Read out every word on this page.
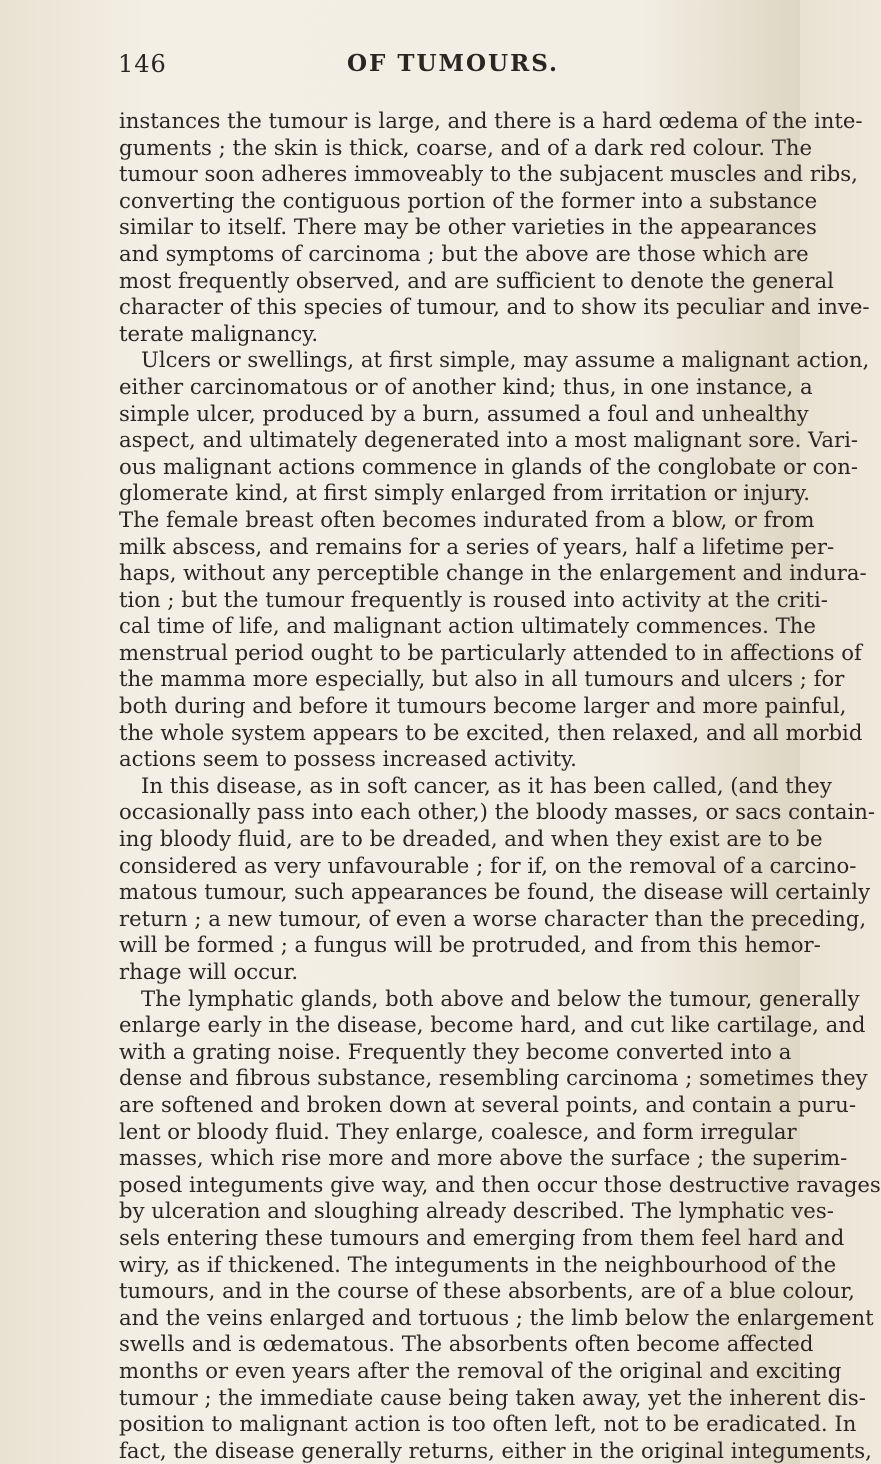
146	OF TUMOURS.
instances the tumour is large, and there is a hard œdema of the inte-
guments ; the skin is thick, coarse, and of a dark red colour. The
tumour soon adheres immoveably to the subjacent muscles and ribs,
converting the contiguous portion of the former into a substance
similar to itself. There may be other varieties in the appearances
and symptoms of carcinoma ; but the above are those which are
most frequently observed, and are sufficient to denote the general
character of this species of tumour, and to show its peculiar and inve-
terate malignancy.
Ulcers or swellings, at first simple, may assume a malignant action,
either carcinomatous or of another kind; thus, in one instance, a
simple ulcer, produced by a burn, assumed a foul and unhealthy
aspect, and ultimately degenerated into a most malignant sore. Vari-
ous malignant actions commence in glands of the conglobate or con-
glomerate kind, at first simply enlarged from irritation or injury.
The female breast often becomes indurated from a blow, or from
milk abscess, and remains for a series of years, half a lifetime per-
haps, without any perceptible change in the enlargement and indura-
tion ; but the tumour frequently is roused into activity at the criti-
cal time of life, and malignant action ultimately commences. The
menstrual period ought to be particularly attended to in affections of
the mamma more especially, but also in all tumours and ulcers ; for
both during and before it tumours become larger and more painful,
the whole system appears to be excited, then relaxed, and all morbid
actions seem to possess increased activity.
In this disease, as in soft cancer, as it has been called, (and they
occasionally pass into each other,) the bloody masses, or sacs contain-
ing bloody fluid, are to be dreaded, and when they exist are to be
considered as very unfavourable ; for if, on the removal of a carcino-
matous tumour, such appearances be found, the disease will certainly
return ; a new tumour, of even a worse character than the preceding,
will be formed ; a fungus will be protruded, and from this hemor-
rhage will occur.
The lymphatic glands, both above and below the tumour, generally
enlarge early in the disease, become hard, and cut like cartilage, and
with a grating noise. Frequently they become converted into a
dense and fibrous substance, resembling carcinoma ; sometimes they
are softened and broken down at several points, and contain a puru-
lent or bloody fluid. They enlarge, coalesce, and form irregular
masses, which rise more and more above the surface ; the superim-
posed integuments give way, and then occur those destructive ravages
by ulceration and sloughing already described. The lymphatic ves-
sels entering these tumours and emerging from them feel hard and
wiry, as if thickened. The integuments in the neighbourhood of the
tumours, and in the course of these absorbents, are of a blue colour,
and the veins enlarged and tortuous ; the limb below the enlargement
swells and is œdematous. The absorbents often become affected
months or even years after the removal of the original and exciting
tumour ; the immediate cause being taken away, yet the inherent dis-
position to malignant action is too often left, not to be eradicated. In
fact, the disease generally returns, either in the original integuments,
